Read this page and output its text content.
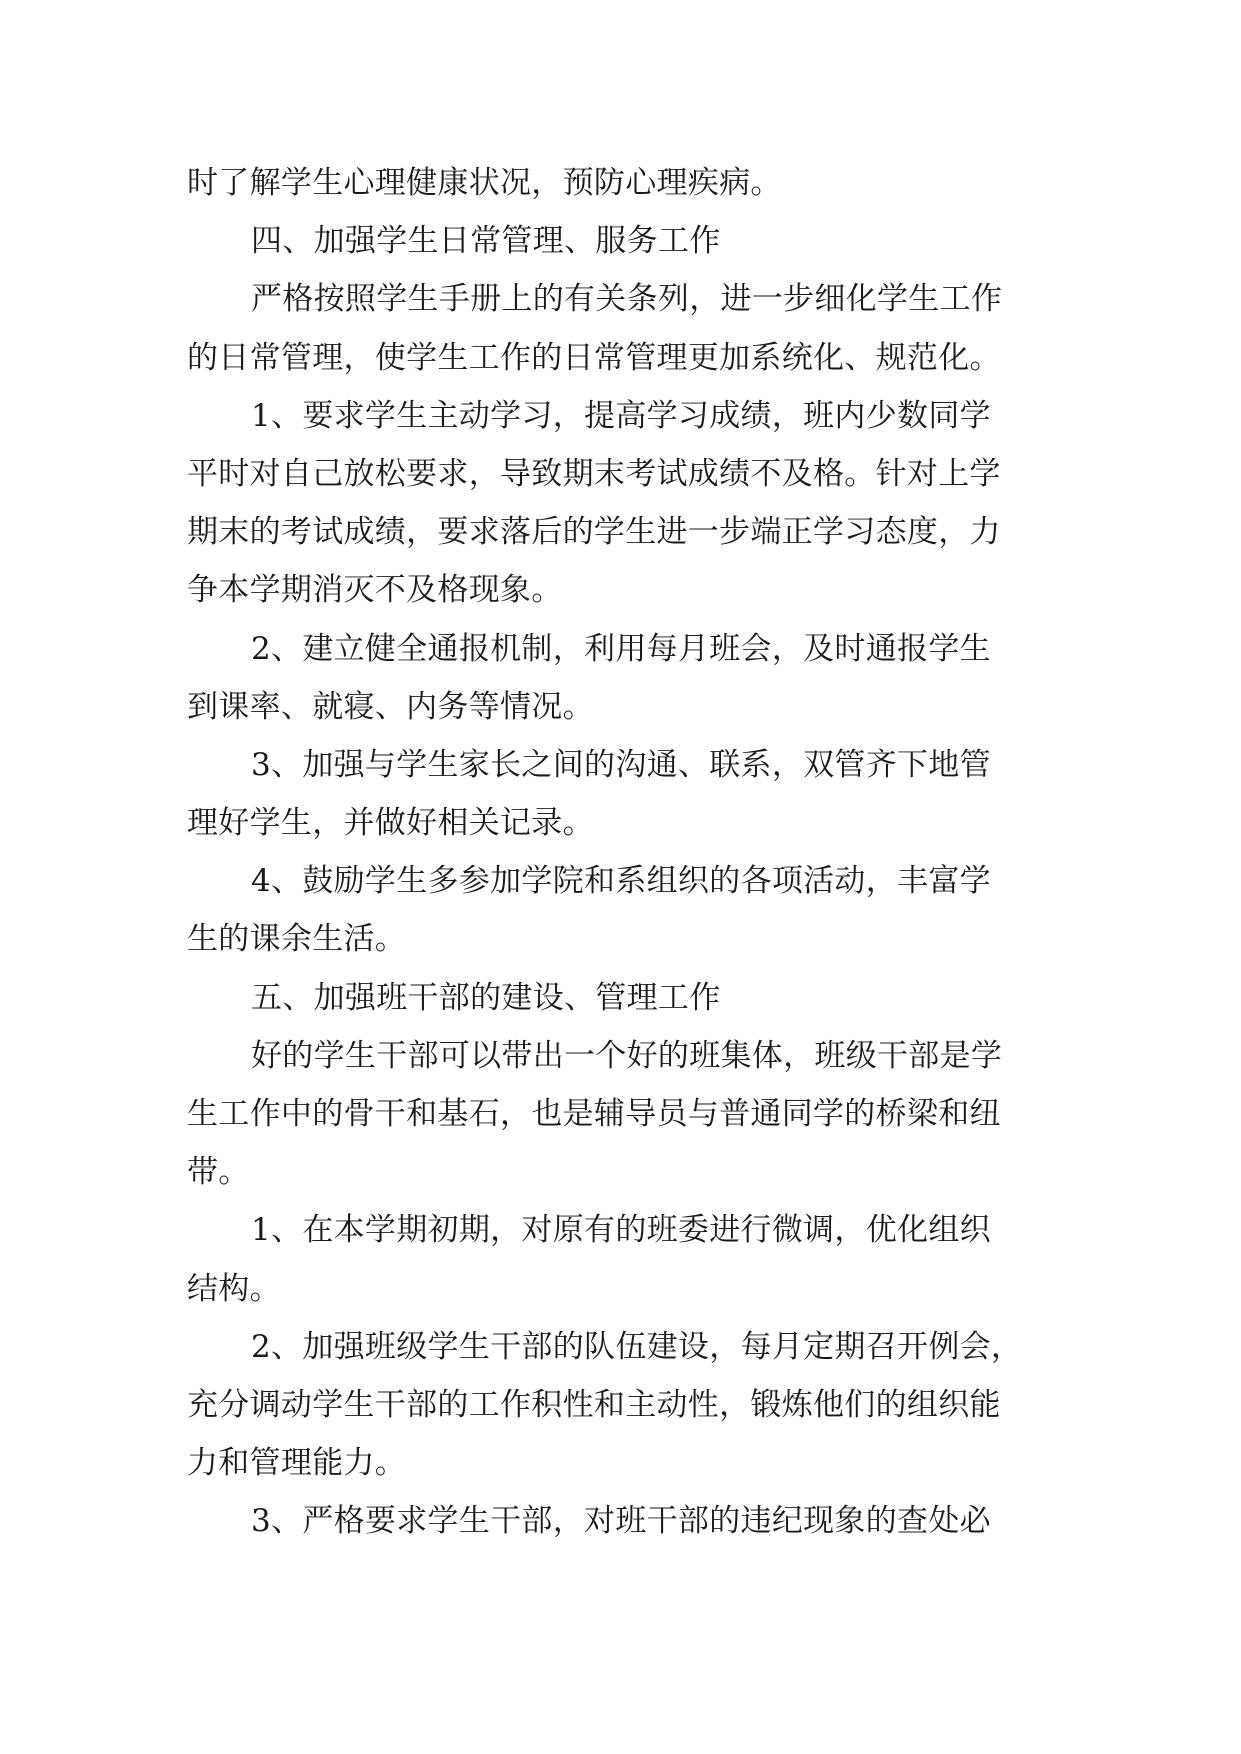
时了解学生心理健康状况，预防心理疾病。

四、加强学生日常管理、服务工作

严格按照学生手册上的有关条列，进一步细化学生工作

的日常管理，使学生工作的日常管理更加系统化、规范化。

1、要求学生主动学习，提高学习成绩，班内少数同学

平时对自己放松要求，导致期末考试成绩不及格。针对上学

期末的考试成绩，要求落后的学生进一步端正学习态度，力

争本学期消灭不及格现象。

2、建立健全通报机制，利用每月班会，及时通报学生

到课率、就寝、内务等情况。

3、加强与学生家长之间的沟通、联系，双管齐下地管

理好学生，并做好相关记录。

4、鼓励学生多参加学院和系组织的各项活动，丰富学

生的课余生活。

五、加强班干部的建设、管理工作

好的学生干部可以带出一个好的班集体，班级干部是学

生工作中的骨干和基石，也是辅导员与普通同学的桥梁和纽

带。

1、在本学期初期，对原有的班委进行微调，优化组织

结构。

2、加强班级学生干部的队伍建设，每月定期召开例会，

充分调动学生干部的工作积性和主动性，锻炼他们的组织能

力和管理能力。

3、严格要求学生干部，对班干部的违纪现象的查处必
